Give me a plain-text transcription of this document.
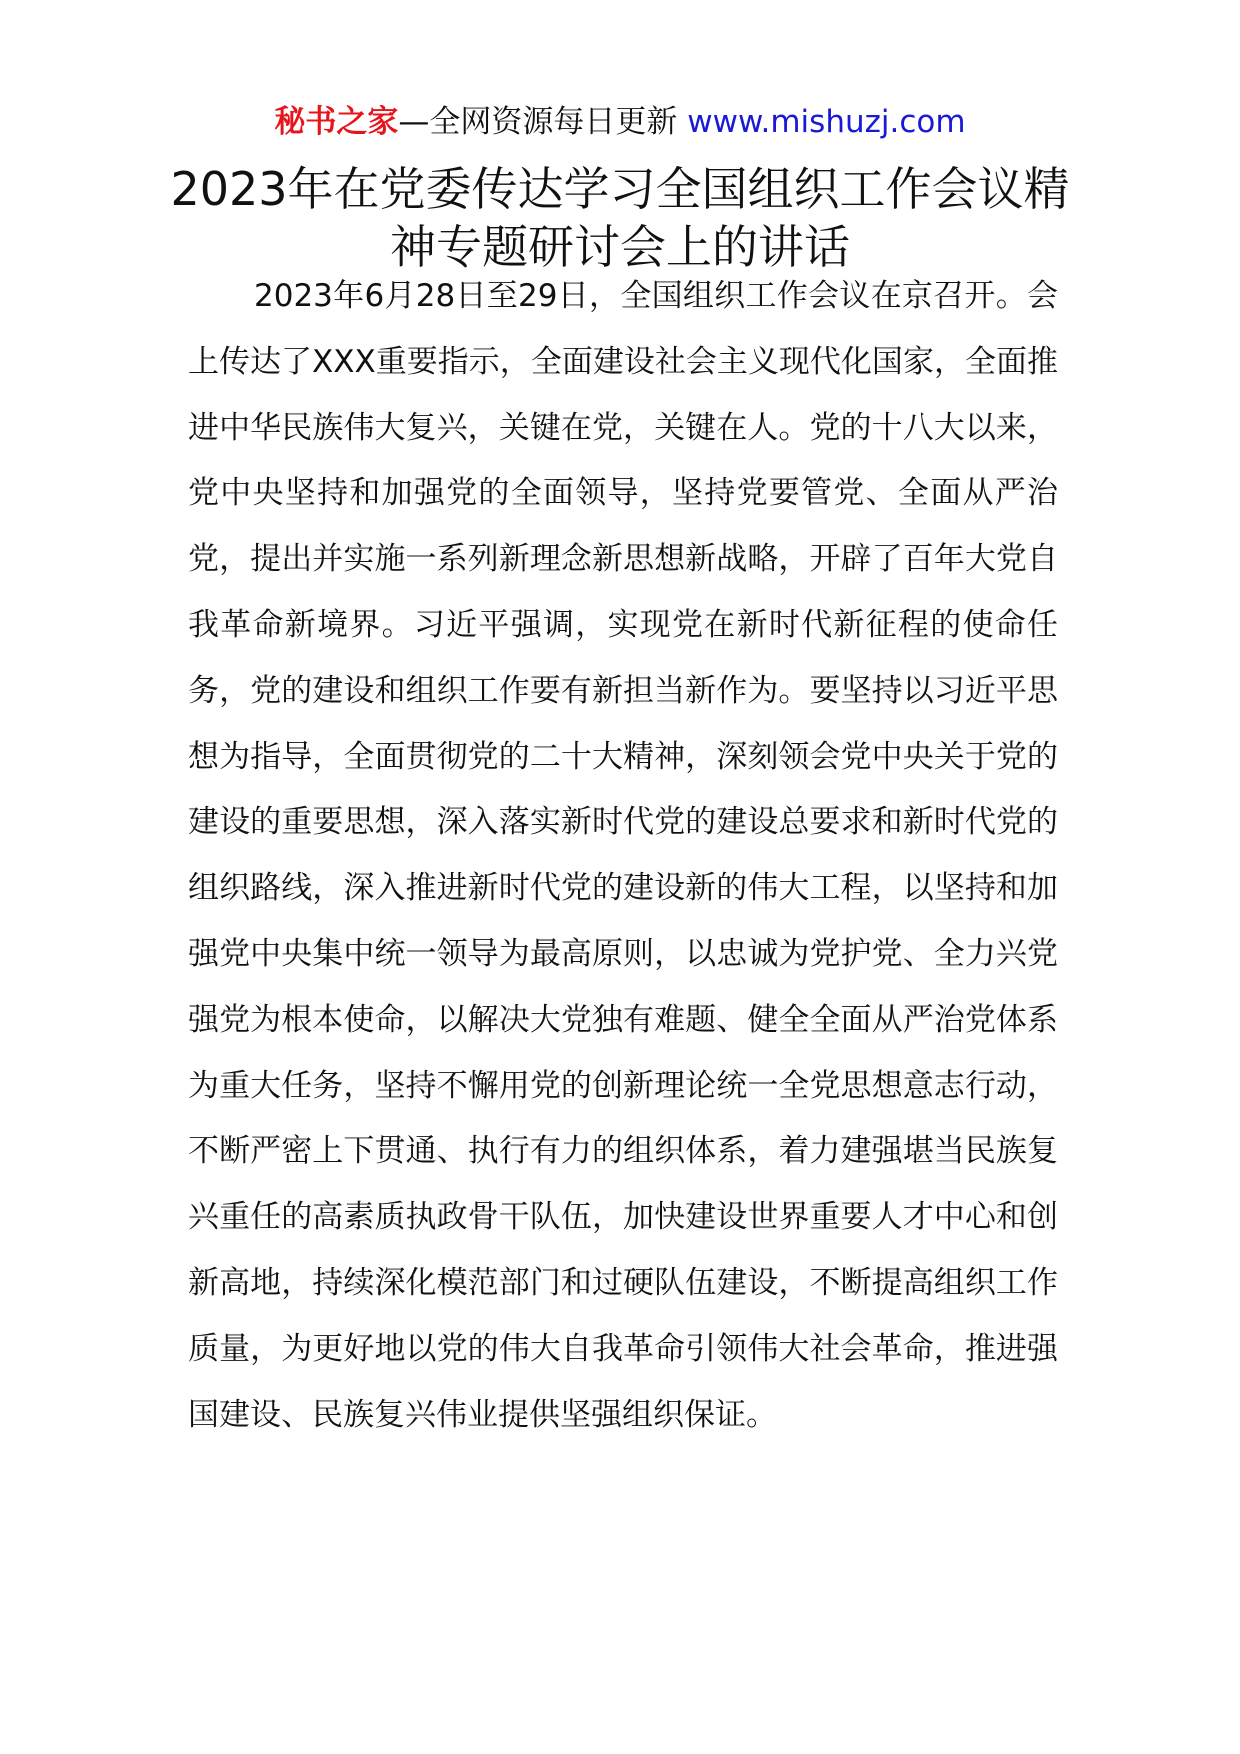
秘书之家—全网资源每日更新 www.mishuzj.com
2023年在党委传达学习全国组织工作会议精神专题研讨会上的讲话

2023年6月28日至29日，全国组织工作会议在京召开。会上传达了XXX重要指示，全面建设社会主义现代化国家，全面推进中华民族伟大复兴，关键在党，关键在人。党的十八大以来，党中央坚持和加强党的全面领导，坚持党要管党、全面从严治党，提出并实施一系列新理念新思想新战略，开辟了百年大党自我革命新境界。习近平强调，实现党在新时代新征程的使命任务，党的建设和组织工作要有新担当新作为。要坚持以习近平思想为指导，全面贯彻党的二十大精神，深刻领会党中央关于党的建设的重要思想，深入落实新时代党的建设总要求和新时代党的组织路线，深入推进新时代党的建设新的伟大工程，以坚持和加强党中央集中统一领导为最高原则，以忠诚为党护党、全力兴党强党为根本使命，以解决大党独有难题、健全全面从严治党体系为重大任务，坚持不懈用党的创新理论统一全党思想意志行动，不断严密上下贯通、执行有力的组织体系，着力建强堪当民族复兴重任的高素质执政骨干队伍，加快建设世界重要人才中心和创新高地，持续深化模范部门和过硬队伍建设，不断提高组织工作质量，为更好地以党的伟大自我革命引领伟大社会革命，推进强国建设、民族复兴伟业提供坚强组织保证。
